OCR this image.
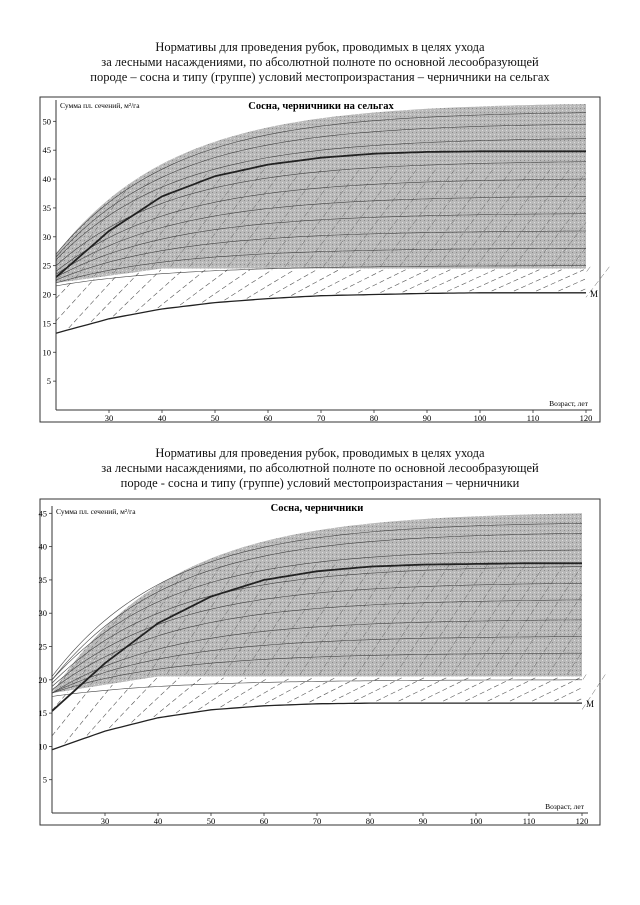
Нормативы для проведения рубок, проводимых в целях ухода
за лесными насаждениями, по абсолютной полноте по основной лесообразующей
породе – сосна и типу (группе) условий местопроизрастания – черничники на сельгах
M
5
10
15
20
25
30
35
40
45
50
30	40	50	60	70	80	90	100	110	120
Сосна, черничники на сельгах
Сумма пл. сечений, м²/га
Возраст, лет
Нормативы для проведения рубок, проводимых в целях ухода
за лесными насаждениями, по абсолютной полноте по основной лесообразующей
породе - сосна и типу (группе) условий местопроизрастания – черничники
M
5
10
15
20
25
30
35
40
45
30	40	50	60	70	80	90	100	110	120
Сосна, черничники
Сумма пл. сечений, м²/га
Возраст, лет
